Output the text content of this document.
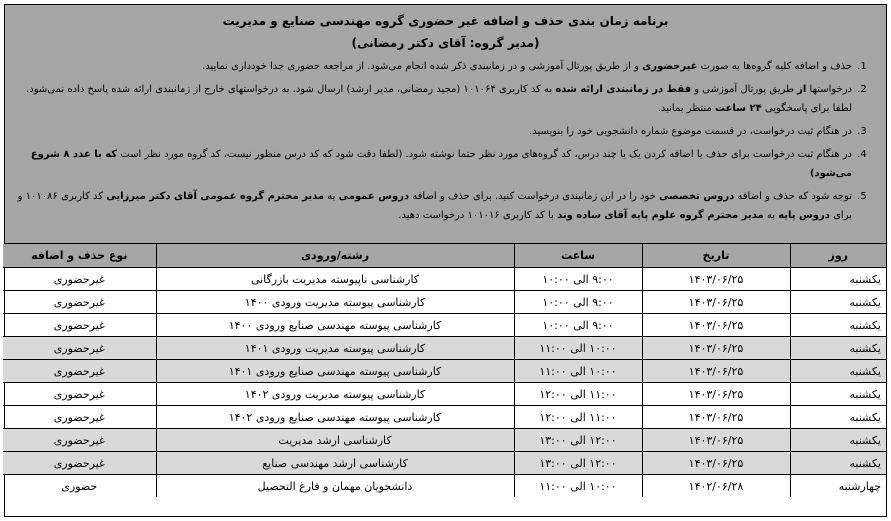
برنامه زمان بندی حذف و اضافه غیر حضوری گروه مهندسی صنایع و مدیریت
(مدیر گروه: آقای دکتر رمضانی)
1. حذف و اضافه کلیه گروه‌ها به صورت غیرحضوری و از طریق پورتال آموزشی و در زمانبندی ذکر شده انجام می‌شود. از مراجعه حضوری جدا خودداری نمایید.
2. درخواستها از طریق پورتال آموزشی و فقط در زمانبندی ارائه شده به کد کاربری ۱۰۱۰۶۴ (مجید رمضانی، مدیر ارشد) ارسال شود. به درخواستهای خارج از زمانبندی ارائه شده پاسخ داده نمی‌شود. لطفا برای پاسخگویی ۲۴ ساعت منتظر بمانید.
3. در هنگام ثبت درخواست، در قسمت موضوع شماره دانشجویی خود را بنویسید.
4. در هنگام ثبت درخواست برای حذف یا اضافه کردن یک یا چند درس، کد گروه‌های مورد نظر حتما نوشته شود. (لطفا دقت شود که کد درس منظور نیست، کد گروه مورد نظر است که با عدد ۸ شروع می‌شود)
5. توجه شود که حذف و اضافه دروس تخصصی خود را در این زمانبندی درخواست کنید. برای حذف و اضافه دروس عمومی به مدیر محترم گروه عمومی آقای دکتر میرزایی کد کاربری ۱۰۱۰۸۶ و برای دروس پایه به مدیر محترم گروه علوم پایه آقای ساده وند با کد کاربری ۱۰۱۰۱۶ درخواست دهید.
روز	تاریخ	ساعت	رشته/ورودی	نوع حذف و اضافه
یکشنبه	۱۴۰۳/۰۶/۲۵	۹:۰۰ الی ۱۰:۰۰	کارشناسی ناپیوسته مدیریت بازرگانی	غیرحضوری
یکشنبه	۱۴۰۳/۰۶/۲۵	۹:۰۰ الی ۱۰:۰۰	کارشناسی پیوسته مدیریت ورودی ۱۴۰۰	غیرحضوری
یکشنبه	۱۴۰۳/۰۶/۲۵	۹:۰۰ الی ۱۰:۰۰	کارشناسی پیوسته مهندسی صنایع ورودی ۱۴۰۰	غیرحضوری
یکشنبه	۱۴۰۳/۰۶/۲۵	۱۰:۰۰ الی ۱۱:۰۰	کارشناسی پیوسته مدیریت ورودی ۱۴۰۱	غیرحضوری
یکشنبه	۱۴۰۳/۰۶/۲۵	۱۰:۰۰ الی ۱۱:۰۰	کارشناسی پیوسته مهندسی صنایع ورودی ۱۴۰۱	غیرحضوری
یکشنبه	۱۴۰۳/۰۶/۲۵	۱۱:۰۰ الی ۱۲:۰۰	کارشناسی پیوسته مدیریت ورودی ۱۴۰۲	غیرحضوری
یکشنبه	۱۴۰۳/۰۶/۲۵	۱۱:۰۰ الی ۱۲:۰۰	کارشناسی پیوسته مهندسی صنایع ورودی ۱۴۰۲	غیرحضوری
یکشنبه	۱۴۰۳/۰۶/۲۵	۱۲:۰۰ الی ۱۳:۰۰	کارشناسی ارشد مدیریت	غیرحضوری
یکشنبه	۱۴۰۳/۰۶/۲۵	۱۲:۰۰ الی ۱۳:۰۰	کارشناسی ارشد مهندسی صنایع	غیرحضوری
چهارشنبه	۱۴۰۲/۰۶/۲۸	۱۰:۰۰ الی ۱۱:۰۰	دانشجویان مهمان و فارغ التحصیل	حضوری
